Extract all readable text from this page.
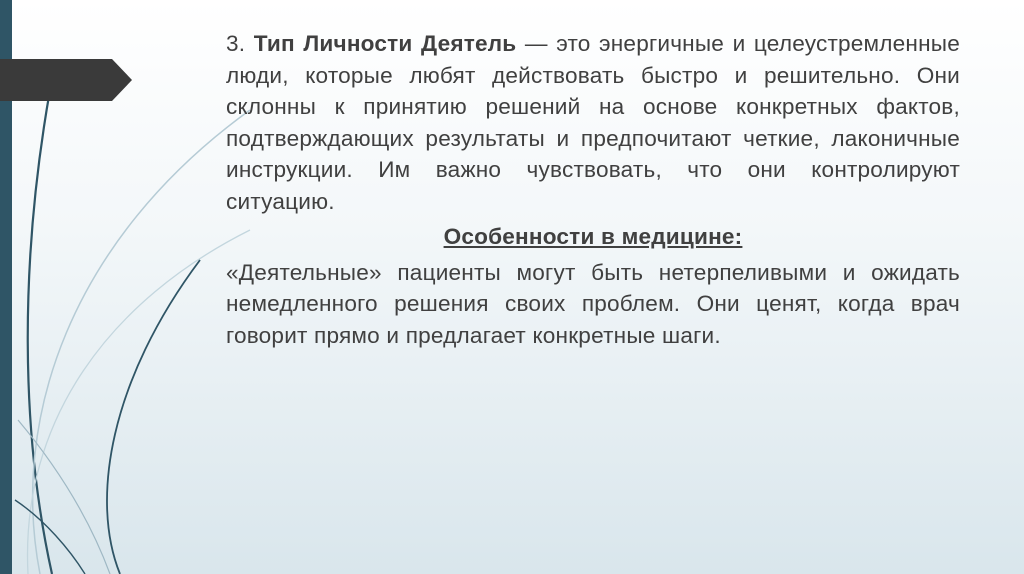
3. Тип Личности Деятель — это энергичные и целеустремленные люди, которые любят действовать быстро и решительно. Они склонны к принятию решений на основе конкретных фактов, подтверждающих результаты и предпочитают четкие, лаконичные инструкции. Им важно чувствовать, что они контролируют ситуацию.

Особенности в медицине:

«Деятельные» пациенты могут быть нетерпеливыми и ожидать немедленного решения своих проблем. Они ценят, когда врач говорит прямо и предлагает конкретные шаги.
